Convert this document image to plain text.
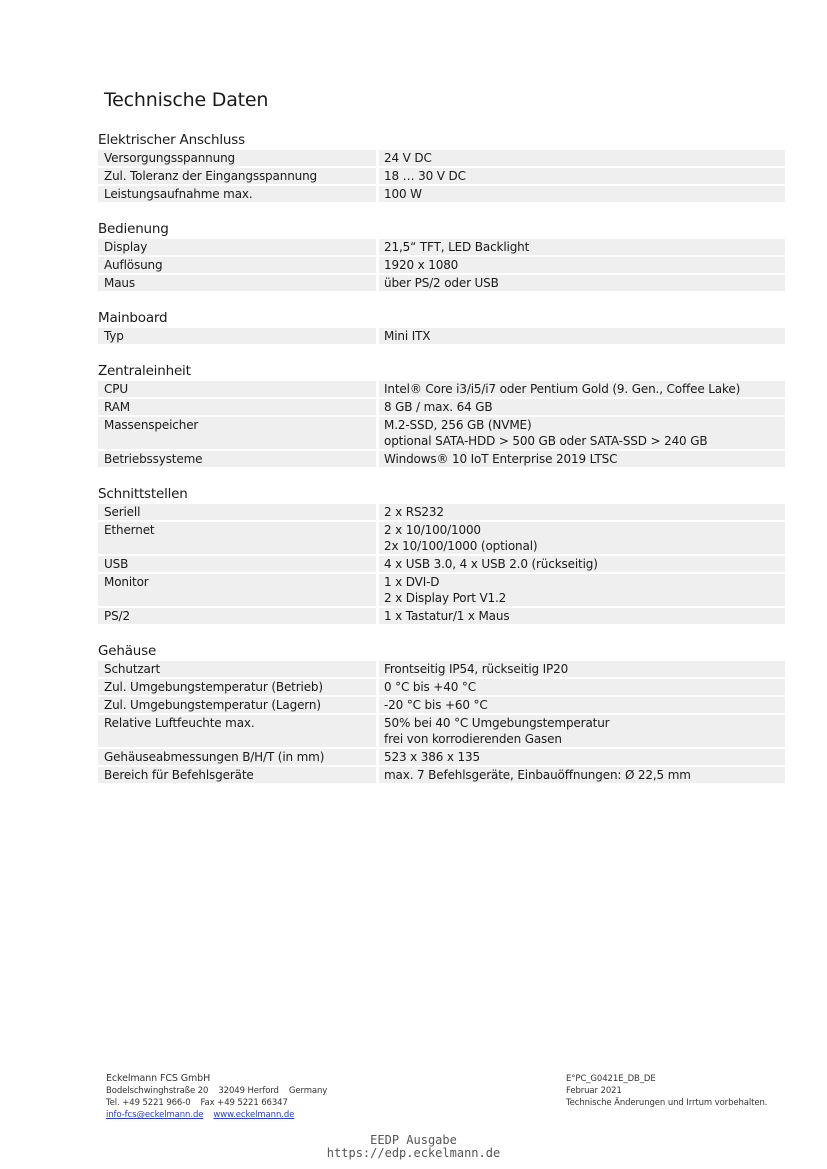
Technische Daten
Elektrischer Anschluss
Versorgungsspannung	24 V DC
Zul. Toleranz der Eingangsspannung	18 … 30 V DC
Leistungsaufnahme max.	100 W
Bedienung
Display	21,5“ TFT, LED Backlight
Auflösung	1920 x 1080
Maus	über PS/2 oder USB
Mainboard
Typ	Mini ITX
Zentraleinheit
CPU	Intel® Core i3/i5/i7 oder Pentium Gold (9. Gen., Coffee Lake)
RAM	8 GB / max. 64 GB
Massenspeicher	M.2-SSD, 256 GB (NVME)
optional SATA-HDD > 500 GB oder SATA-SSD > 240 GB
Betriebssysteme	Windows® 10 IoT Enterprise 2019 LTSC
Schnittstellen
Seriell	2 x RS232
Ethernet	2 x 10/100/1000
2x 10/100/1000 (optional)
USB	4 x USB 3.0, 4 x USB 2.0 (rückseitig)
Monitor	1 x DVI-D
2 x Display Port V1.2
PS/2	1 x Tastatur/1 x Maus
Gehäuse
Schutzart	Frontseitig IP54, rückseitig IP20
Zul. Umgebungstemperatur (Betrieb)	0 °C bis +40 °C
Zul. Umgebungstemperatur (Lagern)	-20 °C bis +60 °C
Relative Luftfeuchte max.	50% bei 40 °C Umgebungstemperatur
frei von korrodierenden Gasen
Gehäuseabmessungen B/H/T (in mm)	523 x 386 x 135
Bereich für Befehlsgeräte	max. 7 Befehlsgeräte, Einbauöffnungen: Ø 22,5 mm
Eckelmann FCS GmbH
Bodelschwinghstraße 20 32049 Herford Germany
Tel. +49 5221 966-0 Fax +49 5221 66347
info-fcs@eckelmann.de www.eckelmann.de
E°PC_G0421E_DB_DE
Februar 2021
Technische Änderungen und Irrtum vorbehalten.
EEDP Ausgabe
https://edp.eckelmann.de
